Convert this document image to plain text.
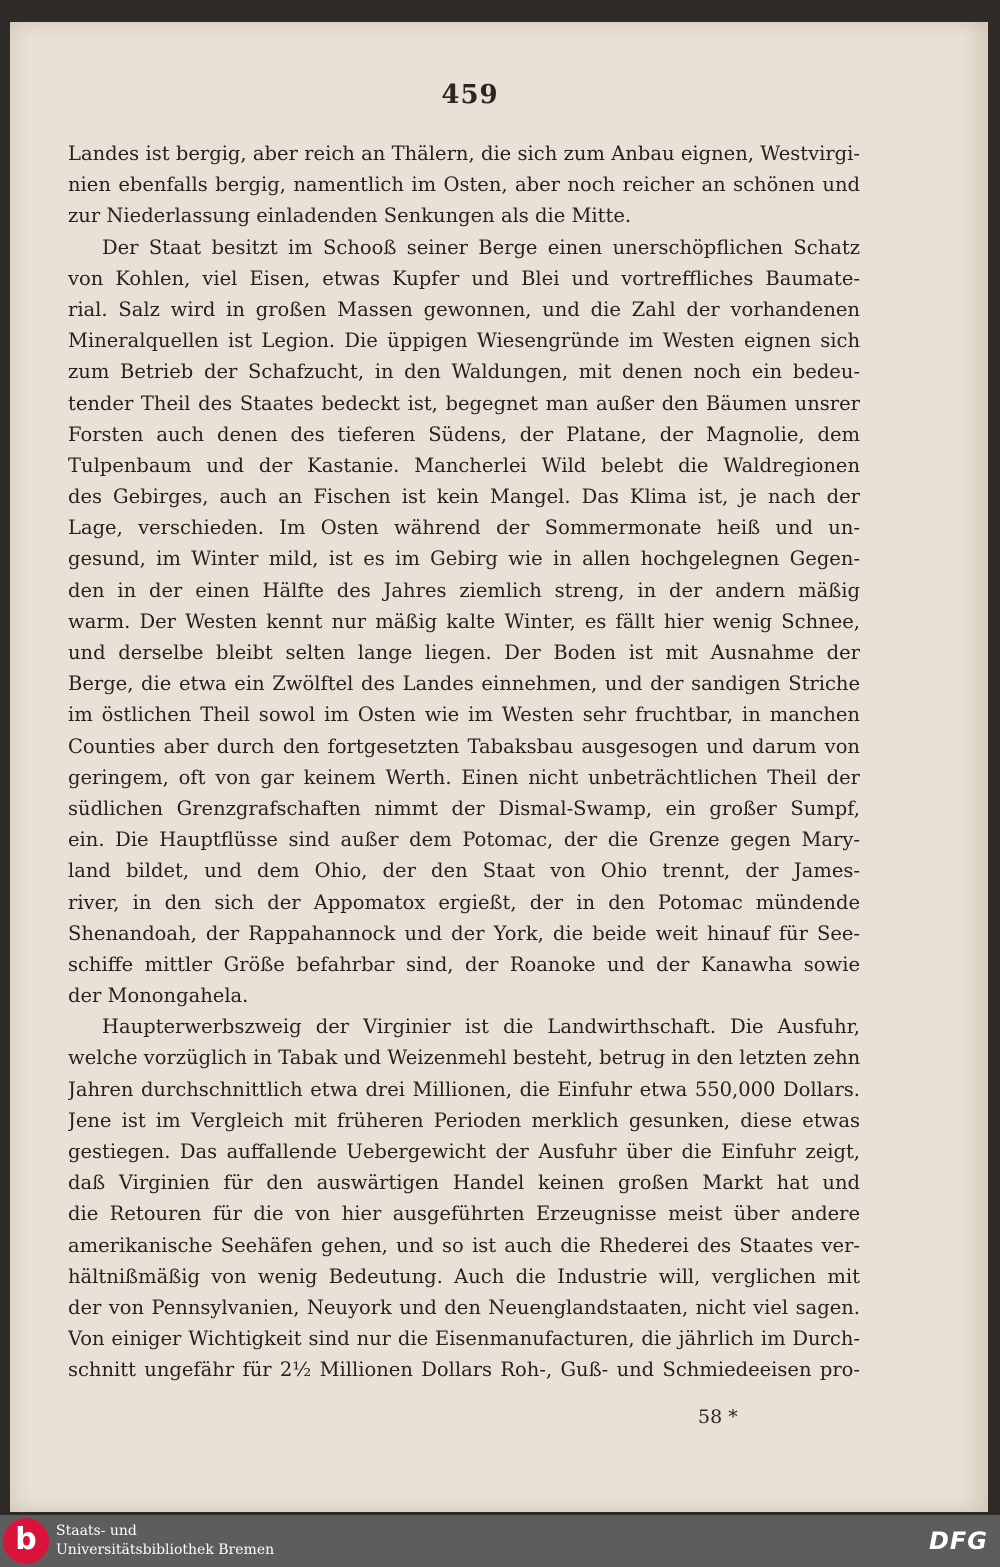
459
Landes ist bergig, aber reich an Thälern, die sich zum Anbau eignen, Westvirgi-
nien ebenfalls bergig, namentlich im Osten, aber noch reicher an schönen und
zur Niederlassung einladenden Senkungen als die Mitte.
Der Staat besitzt im Schooß seiner Berge einen unerschöpflichen Schatz
von Kohlen, viel Eisen, etwas Kupfer und Blei und vortreffliches Baumate-
rial. Salz wird in großen Massen gewonnen, und die Zahl der vorhandenen
Mineralquellen ist Legion. Die üppigen Wiesengründe im Westen eignen sich
zum Betrieb der Schafzucht, in den Waldungen, mit denen noch ein bedeu-
tender Theil des Staates bedeckt ist, begegnet man außer den Bäumen unsrer
Forsten auch denen des tieferen Südens, der Platane, der Magnolie, dem
Tulpenbaum und der Kastanie. Mancherlei Wild belebt die Waldregionen
des Gebirges, auch an Fischen ist kein Mangel. Das Klima ist, je nach der
Lage, verschieden. Im Osten während der Sommermonate heiß und un-
gesund, im Winter mild, ist es im Gebirg wie in allen hochgelegnen Gegen-
den in der einen Hälfte des Jahres ziemlich streng, in der andern mäßig
warm. Der Westen kennt nur mäßig kalte Winter, es fällt hier wenig Schnee,
und derselbe bleibt selten lange liegen. Der Boden ist mit Ausnahme der
Berge, die etwa ein Zwölftel des Landes einnehmen, und der sandigen Striche
im östlichen Theil sowol im Osten wie im Westen sehr fruchtbar, in manchen
Counties aber durch den fortgesetzten Tabaksbau ausgesogen und darum von
geringem, oft von gar keinem Werth. Einen nicht unbeträchtlichen Theil der
südlichen Grenzgrafschaften nimmt der Dismal-Swamp, ein großer Sumpf,
ein. Die Hauptflüsse sind außer dem Potomac, der die Grenze gegen Mary-
land bildet, und dem Ohio, der den Staat von Ohio trennt, der James-
river, in den sich der Appomatox ergießt, der in den Potomac mündende
Shenandoah, der Rappahannock und der York, die beide weit hinauf für See-
schiffe mittler Größe befahrbar sind, der Roanoke und der Kanawha sowie
der Monongahela.
Haupterwerbszweig der Virginier ist die Landwirthschaft. Die Ausfuhr,
welche vorzüglich in Tabak und Weizenmehl besteht, betrug in den letzten zehn
Jahren durchschnittlich etwa drei Millionen, die Einfuhr etwa 550,000 Dollars.
Jene ist im Vergleich mit früheren Perioden merklich gesunken, diese etwas
gestiegen. Das auffallende Uebergewicht der Ausfuhr über die Einfuhr zeigt,
daß Virginien für den auswärtigen Handel keinen großen Markt hat und
die Retouren für die von hier ausgeführten Erzeugnisse meist über andere
amerikanische Seehäfen gehen, und so ist auch die Rhederei des Staates ver-
hältnißmäßig von wenig Bedeutung. Auch die Industrie will, verglichen mit
der von Pennsylvanien, Neuyork und den Neuenglandstaaten, nicht viel sagen.
Von einiger Wichtigkeit sind nur die Eisenmanufacturen, die jährlich im Durch-
schnitt ungefähr für 2½ Millionen Dollars Roh-, Guß- und Schmiedeeisen pro-
58 *
b	Staats- und
Universitätsbibliothek Bremen	DFG
